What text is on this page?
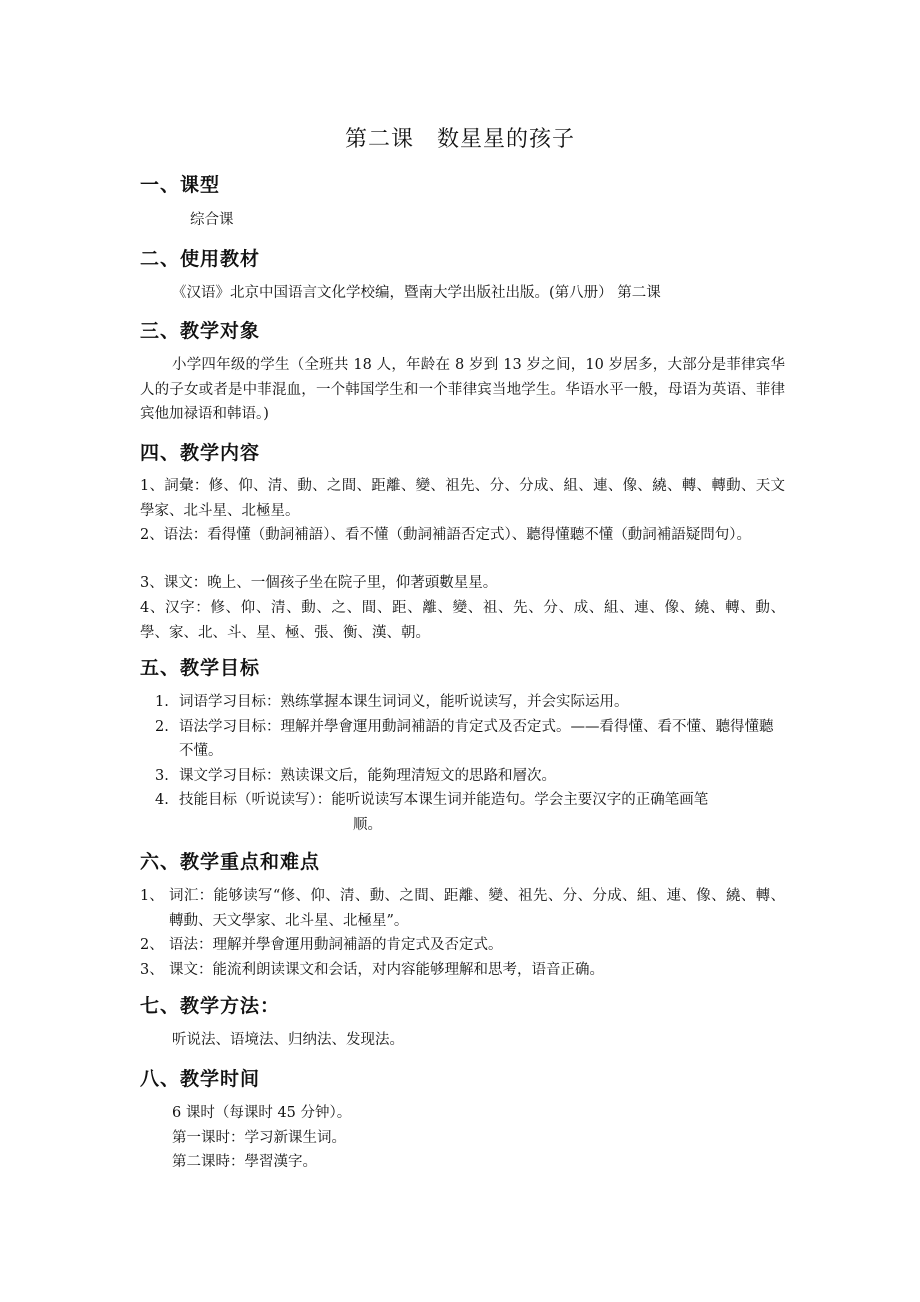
第二课　数星星的孩子
一、课型
综合课
二、使用教材
《汉语》北京中国语言文化学校编，暨南大学出版社出版。(第八册） 第二课
三、教学对象
小学四年级的学生（全班共 18 人，年龄在 8 岁到 13 岁之间，10 岁居多，大部分是菲律宾华人的子女或者是中菲混血，一个韩国学生和一个菲律宾当地学生。华语水平一般，母语为英语、菲律宾他加禄语和韩语。)
四、教学内容
1、詞彙：修、仰、清、動、之間、距離、變、祖先、分、分成、組、連、像、繞、轉、轉動、天文學家、北斗星、北極星。
2、语法：看得懂（動詞補語）、看不懂（動詞補語否定式）、聽得懂聽不懂（動詞補語疑問句）。
3、课文：晚上、一個孩子坐在院子里，仰著頭數星星。
4、汉字：修、仰、清、動、之、間、距、離、變、祖、先、分、成、組、連、像、繞、轉、動、學、家、北、斗、星、極、張、衡、漢、朝。
五、教学目标
1. 词语学习目标：熟练掌握本课生词词义，能听说读写，并会实际运用。
2. 语法学习目标：理解并學會運用動詞補語的肯定式及否定式。——看得懂、看不懂、聽得懂聽不懂。
3. 课文学习目标：熟读课文后，能夠理清短文的思路和層次。
4. 技能目标（听说读写）：能听说读写本课生词并能造句。学会主要汉字的正确笔画笔
顺。
六、教学重点和难点
1、 词汇：能够读写“修、仰、清、動、之間、距離、變、祖先、分、分成、組、連、像、繞、轉、轉動、天文學家、北斗星、北極星”。
2、 语法：理解并學會運用動詞補語的肯定式及否定式。
3、 课文：能流利朗读课文和会话，对内容能够理解和思考，语音正确。
七、教学方法：
听说法、语境法、归纳法、发现法。
八、教学时间
6 课时（每课时 45 分钟）。
第一课时：学习新课生词。
第二课時：學習漢字。
